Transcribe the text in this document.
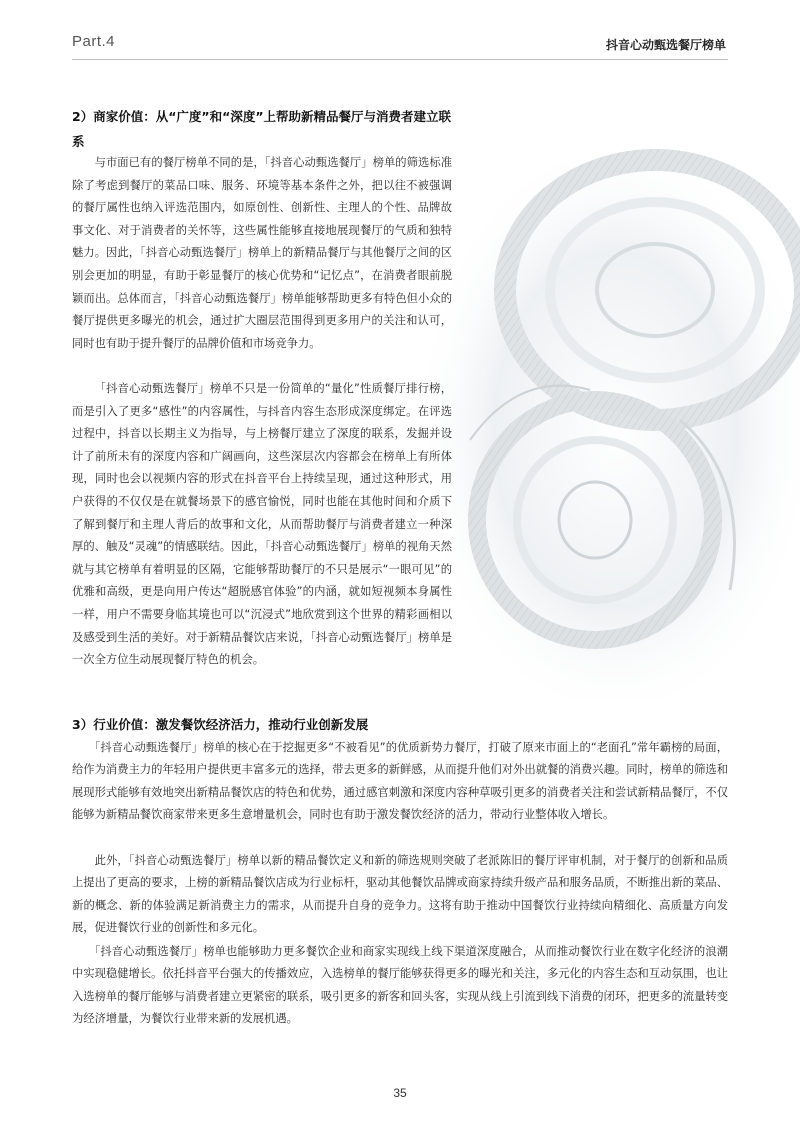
Part.4	抖音心动甄选餐厅榜单
2）商家价值：从“广度”和“深度”上帮助新精品餐厅与消费者建立联系

与市面已有的餐厅榜单不同的是，「抖音心动甄选餐厅」榜单的筛选标准除了考虑到餐厅的菜品口味、服务、环境等基本条件之外，把以往不被强调的餐厅属性也纳入评选范围内，如原创性、创新性、主理人的个性、品牌故事文化、对于消费者的关怀等，这些属性能够直接地展现餐厅的气质和独特魅力。因此，「抖音心动甄选餐厅」榜单上的新精品餐厅与其他餐厅之间的区别会更加的明显，有助于彰显餐厅的核心优势和“记忆点”，在消费者眼前脱颖而出。总体而言，「抖音心动甄选餐厅」榜单能够帮助更多有特色但小众的餐厅提供更多曝光的机会，通过扩大圈层范围得到更多用户的关注和认可，同时也有助于提升餐厅的品牌价值和市场竞争力。

「抖音心动甄选餐厅」榜单不只是一份简单的“量化”性质餐厅排行榜，而是引入了更多“感性”的内容属性，与抖音内容生态形成深度绑定。在评选过程中，抖音以长期主义为指导，与上榜餐厅建立了深度的联系，发掘并设计了前所未有的深度内容和广阔画向，这些深层次内容都会在榜单上有所体现，同时也会以视频内容的形式在抖音平台上持续呈现，通过这种形式，用户获得的不仅仅是在就餐场景下的感官愉悦，同时也能在其他时间和介质下了解到餐厅和主理人背后的故事和文化，从而帮助餐厅与消费者建立一种深厚的、触及“灵魂”的情感联结。因此，「抖音心动甄选餐厅」榜单的视角天然就与其它榜单有着明显的区隔，它能够帮助餐厅的不只是展示“一眼可见”的优雅和高级，更是向用户传达“超脱感官体验”的内涵，就如短视频本身属性一样，用户不需要身临其境也可以“沉浸式”地欣赏到这个世界的精彩画相以及感受到生活的美好。对于新精品餐饮店来说，「抖音心动甄选餐厅」榜单是一次全方位生动展现餐厅特色的机会。

3）行业价值：激发餐饮经济活力，推动行业创新发展

「抖音心动甄选餐厅」榜单的核心在于挖掘更多“不被看见”的优质新势力餐厅，打破了原来市面上的“老面孔”常年霸榜的局面，给作为消费主力的年轻用户提供更丰富多元的选择，带去更多的新鲜感，从而提升他们对外出就餐的消费兴趣。同时，榜单的筛选和展现形式能够有效地突出新精品餐饮店的特色和优势，通过感官刺激和深度内容种草吸引更多的消费者关注和尝试新精品餐厅，不仅能够为新精品餐饮商家带来更多生意增量机会，同时也有助于激发餐饮经济的活力，带动行业整体收入增长。

此外，「抖音心动甄选餐厅」榜单以新的精品餐饮定义和新的筛选规则突破了老派陈旧的餐厅评审机制，对于餐厅的创新和品质上提出了更高的要求，上榜的新精品餐饮店成为行业标杆，驱动其他餐饮品牌或商家持续升级产品和服务品质，不断推出新的菜品、新的概念、新的体验满足新消费主力的需求，从而提升自身的竞争力。这将有助于推动中国餐饮行业持续向精细化、高质量方向发展，促进餐饮行业的创新性和多元化。

「抖音心动甄选餐厅」榜单也能够助力更多餐饮企业和商家实现线上线下渠道深度融合，从而推动餐饮行业在数字化经济的浪潮中实现稳健增长。依托抖音平台强大的传播效应，入选榜单的餐厅能够获得更多的曝光和关注，多元化的内容生态和互动氛围，也让入选榜单的餐厅能够与消费者建立更紧密的联系，吸引更多的新客和回头客，实现从线上引流到线下消费的闭环，把更多的流量转变为经济增量，为餐饮行业带来新的发展机遇。

35
